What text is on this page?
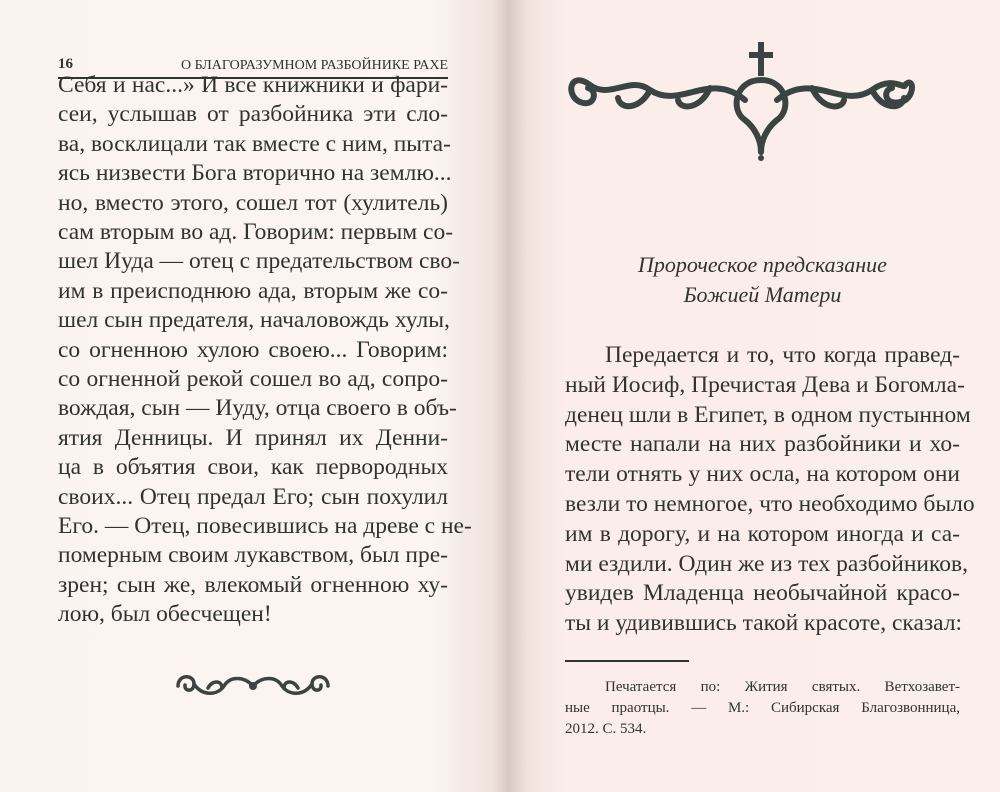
16	О БЛАГОРАЗУМНОМ РАЗБОЙНИКЕ РАХЕ
Себя и нас...» И все книжники и фари-
сеи, услышав от разбойника эти сло-
ва, восклицали так вместе с ним, пыта-
ясь низвести Бога вторично на землю...
но, вместо этого, сошел тот (хулитель)
сам вторым во ад. Говорим: первым со-
шел Иуда — отец с предательством сво-
им в преисподнюю ада, вторым же со-
шел сын предателя, началовождь хулы,
со огненною хулою своею... Говорим:
со огненной рекой сошел во ад, сопро-
вождая, сын — Иуду, отца своего в объ-
ятия Денницы. И принял их Денни-
ца в объятия свои, как первородных
своих... Отец предал Его; сын похулил
Его. — Отец, повесившись на древе с не-
померным своим лукавством, был пре-
зрен; сын же, влекомый огненною ху-
лою, был обесчещен!
Пророческое предсказание
Божией Матери
Передается и то, что когда правед-
ный Иосиф, Пречистая Дева и Богомла-
денец шли в Египет, в одном пустынном
месте напали на них разбойники и хо-
тели отнять у них осла, на котором они
везли то немногое, что необходимо было
им в дорогу, и на котором иногда и са-
ми ездили. Один же из тех разбойников,
увидев Младенца необычайной красо-
ты и удивившись такой красоте, сказал:
Печатается по: Жития святых. Ветхозавет-
ные праотцы. — М.: Сибирская Благозвонница,
2012. С. 534.
